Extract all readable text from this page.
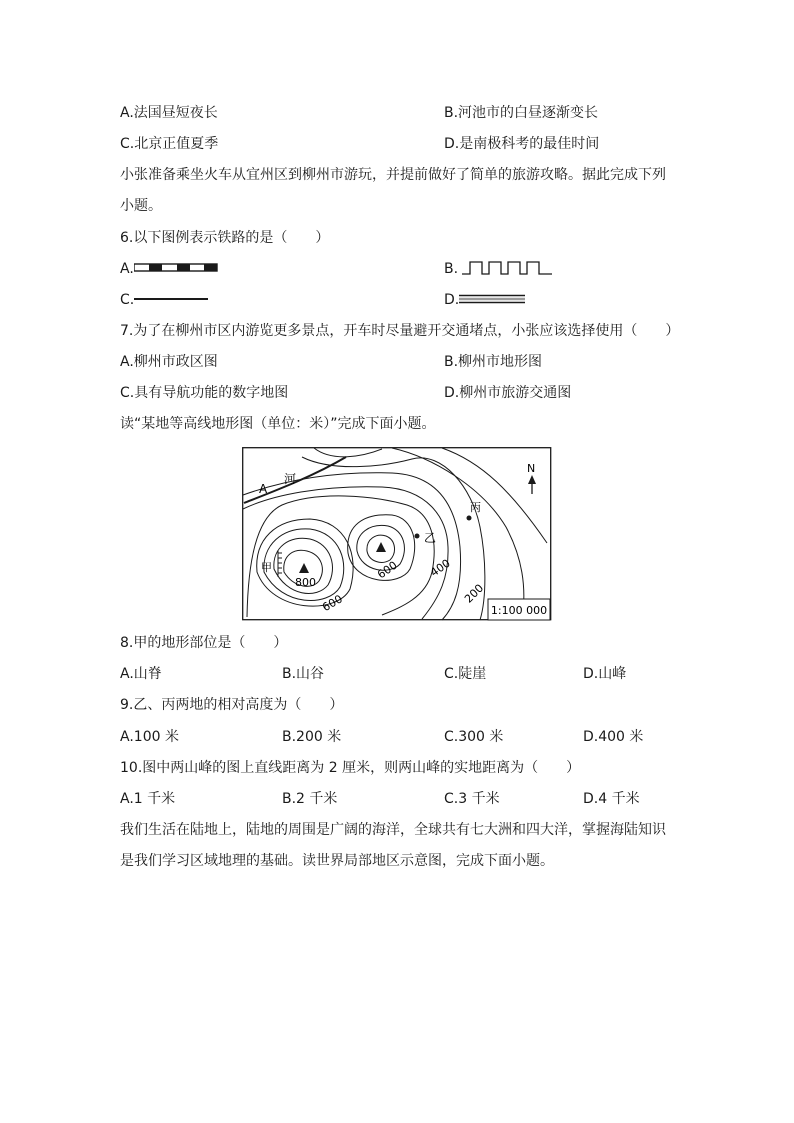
A.法国昼短夜长	B.河池市的白昼逐渐变长
C.北京正值夏季	D.是南极科考的最佳时间
小张准备乘坐火车从宜州区到柳州市游玩，并提前做好了简单的旅游攻略。据此完成下列
小题。
6.以下图例表示铁路的是（　　）
A.	B.
C.	D.
7.为了在柳州市区内游览更多景点，开车时尽量避开交通堵点，小张应该选择使用（　　）
A.柳州市政区图	B.柳州市地形图
C.具有导航功能的数字地图	D.柳州市旅游交通图
读“某地等高线地形图（单位：米）”完成下面小题。
A
河
N
丙
乙
甲
800
600
600
400
200
1:100 000
8.甲的地形部位是（　　）
A.山脊	B.山谷	C.陡崖	D.山峰
9.乙、丙两地的相对高度为（　　）
A.100 米	B.200 米	C.300 米	D.400 米
10.图中两山峰的图上直线距离为 2 厘米，则两山峰的实地距离为（　　）
A.1 千米	B.2 千米	C.3 千米	D.4 千米
我们生活在陆地上，陆地的周围是广阔的海洋，全球共有七大洲和四大洋，掌握海陆知识
是我们学习区域地理的基础。读世界局部地区示意图，完成下面小题。
